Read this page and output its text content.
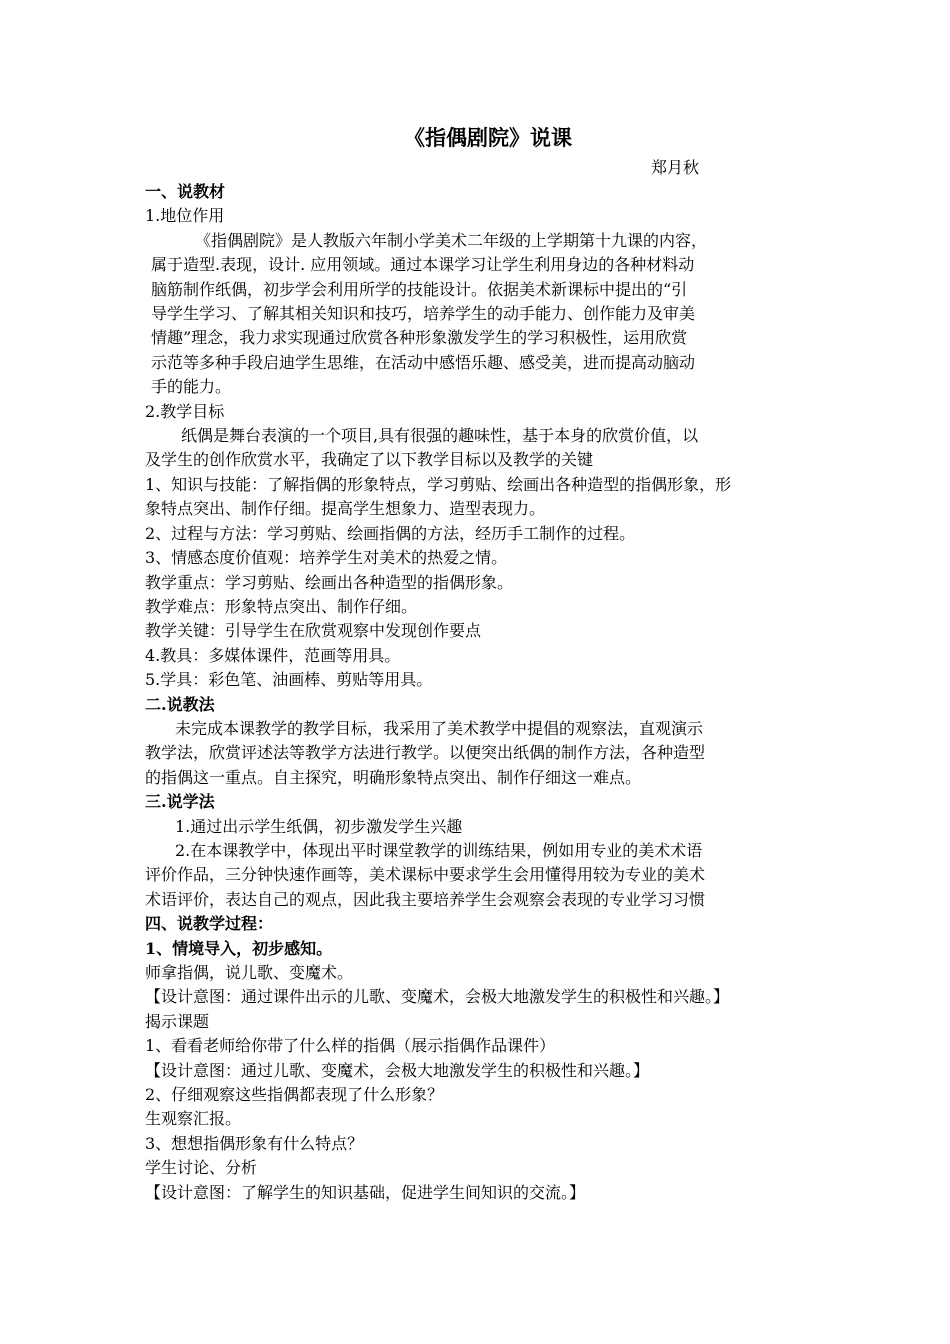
《指偶剧院》说课

郑月秋

一、说教材

1.地位作用

《指偶剧院》是人教版六年制小学美术二年级的上学期第十九课的内容，
属于造型.表现，设计. 应用领域。通过本课学习让学生利用身边的各种材料动
脑筋制作纸偶，初步学会利用所学的技能设计。依据美术新课标中提出的“引
导学生学习、了解其相关知识和技巧，培养学生的动手能力、创作能力及审美
情趣”理念，我力求实现通过欣赏各种形象激发学生的学习积极性，运用欣赏
示范等多种手段启迪学生思维，在活动中感悟乐趣、感受美，进而提高动脑动
手的能力。

2.教学目标

纸偶是舞台表演的一个项目,具有很强的趣味性，基于本身的欣赏价值，以
及学生的创作欣赏水平，我确定了以下教学目标以及教学的关键
1、知识与技能：了解指偶的形象特点，学习剪贴、绘画出各种造型的指偶形象，形
象特点突出、制作仔细。提高学生想象力、造型表现力。

2、过程与方法：学习剪贴、绘画指偶的方法，经历手工制作的过程。

3、情感态度价值观：培养学生对美术的热爱之情。

教学重点：学习剪贴、绘画出各种造型的指偶形象。

教学难点：形象特点突出、制作仔细。

教学关键：引导学生在欣赏观察中发现创作要点

4.教具：多媒体课件，范画等用具。

5.学具：彩色笔、油画棒、剪贴等用具。

二.说教法

未完成本课教学的教学目标，我采用了美术教学中提倡的观察法，直观演示
教学法，欣赏评述法等教学方法进行教学。以便突出纸偶的制作方法，各种造型
的指偶这一重点。自主探究，明确形象特点突出、制作仔细这一难点。

三.说学法

1.通过出示学生纸偶，初步激发学生兴趣

2.在本课教学中，体现出平时课堂教学的训练结果，例如用专业的美术术语
评价作品，三分钟快速作画等，美术课标中要求学生会用懂得用较为专业的美术
术语评价，表达自己的观点，因此我主要培养学生会观察会表现的专业学习习惯

四、说教学过程：

1、情境导入，初步感知。

师拿指偶，说儿歌、变魔术。
【设计意图：通过课件出示的儿歌、变魔术，会极大地激发学生的积极性和兴趣。】
揭示课题
1、看看老师给你带了什么样的指偶（展示指偶作品课件）
【设计意图：通过儿歌、变魔术，会极大地激发学生的积极性和兴趣。】
2、仔细观察这些指偶都表现了什么形象？
生观察汇报。
3、想想指偶形象有什么特点？
学生讨论、分析
【设计意图：了解学生的知识基础，促进学生间知识的交流。】
